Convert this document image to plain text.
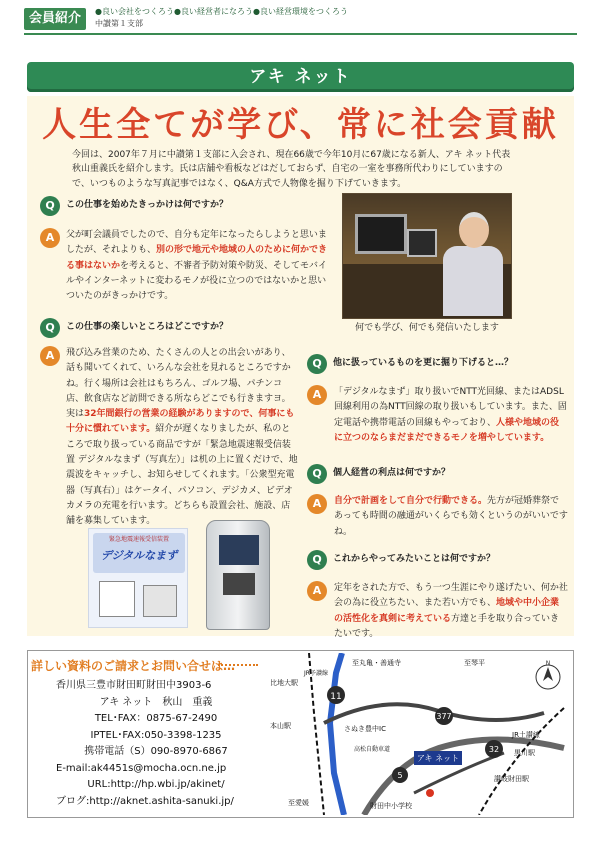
会員紹介	●良い会社をつくろう●良い経営者になろう●良い経営環境をつくろう
中讃第１支部
アキ ネット
人生全てが学び、常に社会貢献
今回は、2007年７月に中讃第１支部に入会され、現在66歳で今年10月に67歳になる新人、アキ ネット代表秋山重義氏を紹介します。氏は店舗や看板などはだしておらず、自宅の一室を事務所代わりにしていますので、いつものような写真記事ではなく、Q&A方式で人物像を掘り下げていきます。
Q	この仕事を始めたきっかけは何ですか？
A	父が町会議員でしたので、自分も定年になったらしようと思いましたが、それよりも、別の形で地元や地域の人のために何かできる事はないかを考えると、不審者予防対策や防災、そしてモバイルやインターネットに変わるモノが役に立つのではないかと思いついたのがきっかけです。
何でも学び、何でも発信いたします
Q	この仕事の楽しいところはどこですか？
A	飛び込み営業のため、たくさんの人との出会いがあり、話も聞いてくれて、いろんな会社を見れるところですかね。行く場所は会社はもちろん、ゴルフ場、パチンコ店、飲食店など訪問できる所ならどこでも行きますヨ。実は32年間銀行の営業の経験がありますので、何事にも十分に慣れています。紹介が遅くなりましたが、私のところで取り扱っている商品ですが「緊急地震速報受信装置 デジタルなまず（写真左）」は机の上に置くだけで、地震波をキャッチし、お知らせしてくれます。「公衆型充電器（写真右）」はケータイ、パソコン、デジカメ、ビデオカメラの充電を行います。どちらも設置会社、施設、店舗を募集しています。
Q	他に扱っているものを更に掘り下げると…？
A	「デジタルなまず」取り扱いでNTT光回線、またはADSL回線利用の為NTT回線の取り扱いもしています。また、固定電話や携帯電話の回線もやっており、人様や地域の役に立つのならまだまだできるモノを増やしています。
Q	個人経営の利点は何ですか？
A	自分で計画をして自分で行動できる。先方が冠婚葬祭であっても時間の融通がいくらでも効くというのがいいですね。
Q	これからやってみたいことは何ですか？
A	定年をされた方で、もう一つ生涯にやり遂げたい、何か社会の為に役立ちたい、また若い方でも、地域や中小企業の活性化を真剣に考えている方達と手を取り合っていきたいです。
緊急地震速報受信装置
デジタルなまず
詳しい資料のご請求とお問い合せは…
香川県三豊市財田町財田中3903-6
アキ ネット　秋山　重義
TEL･FAX：0875-67-2490
IPTEL･FAX:050-3398-1235
携帯電話（S）090-8970-6867
E-mail:ak4451s@mocha.ocn.ne.jp
URL:http://hp.wbi.jp/akinet/
ブログ:http://aknet.ashita-sanuki.jp/
11
377
32
5
アキ ネット
至丸亀・善通寺	至琴平
比地大駅
JR予讃線
本山駅	さぬき豊中IC
高松自動車道
JR土讃線
黒川駅
讃岐財田駅
至愛媛	財田中小学校
N
